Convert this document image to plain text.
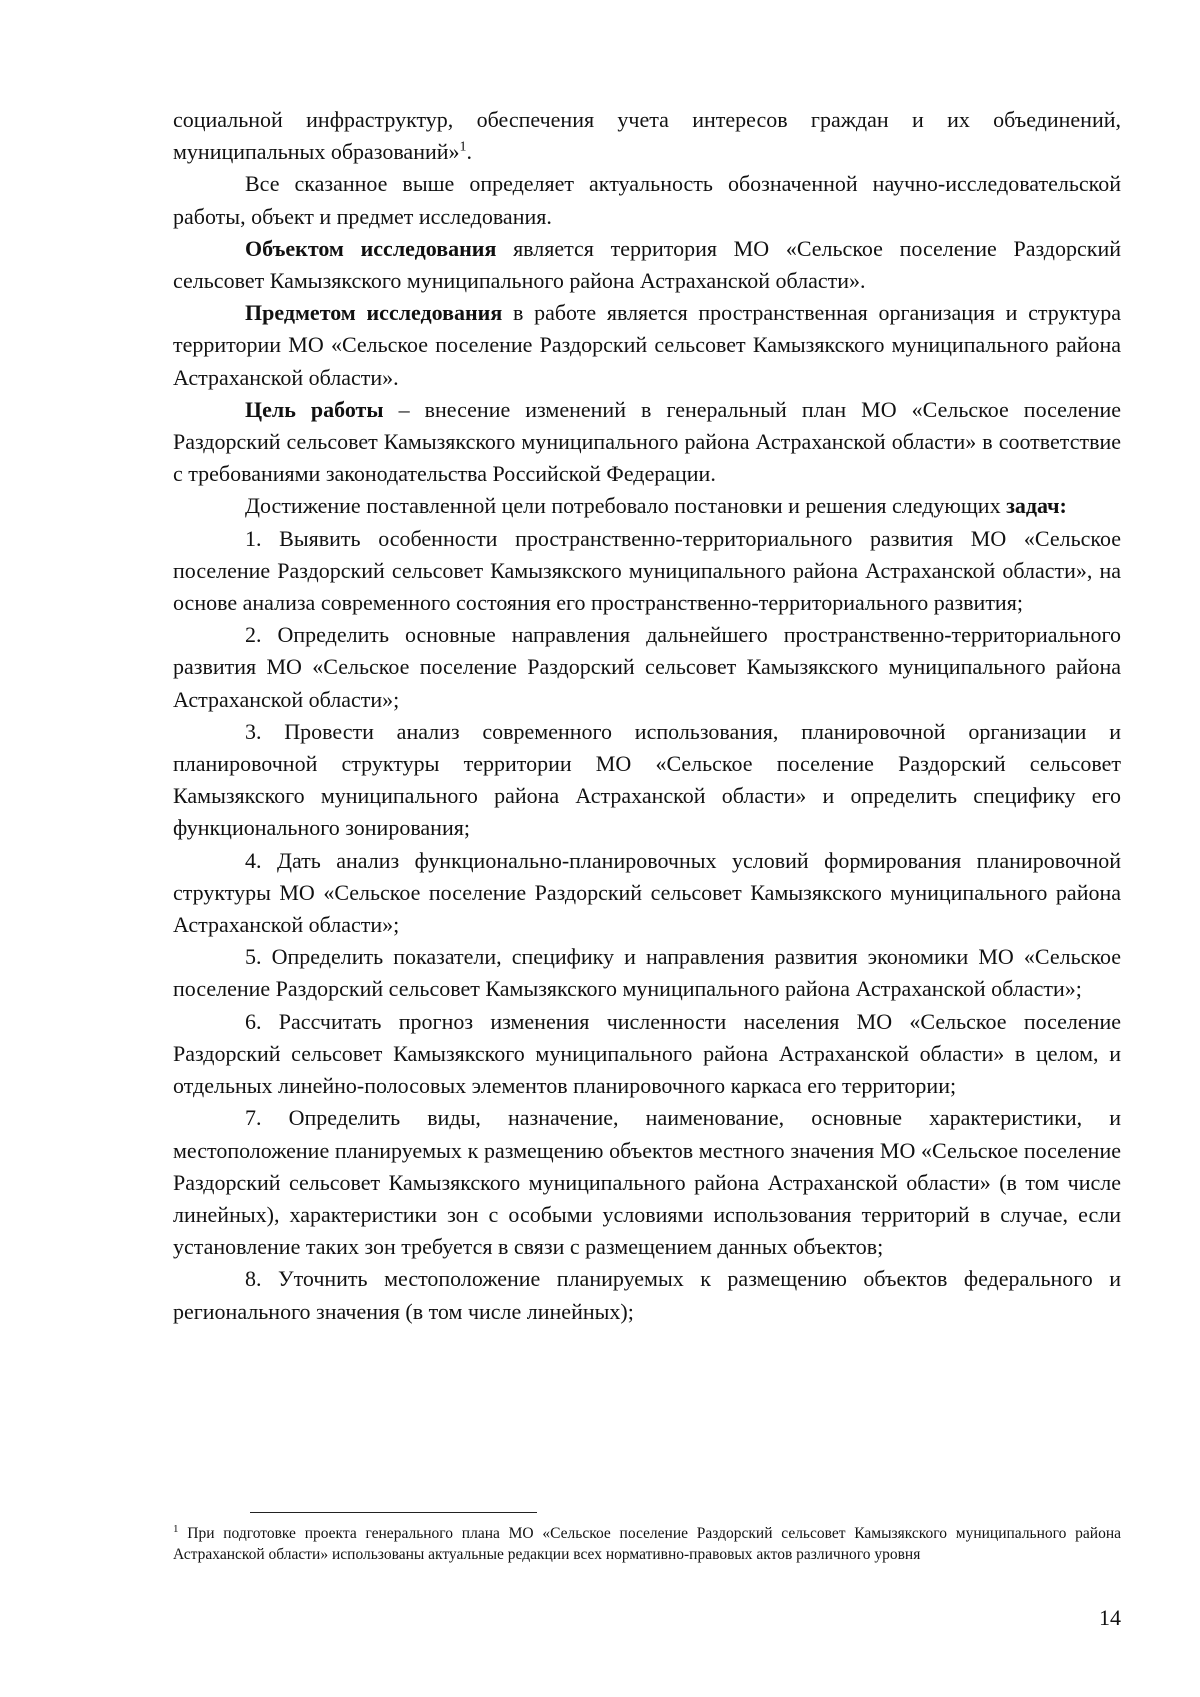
социальной инфраструктур, обеспечения учета интересов граждан и их объединений, муниципальных образований»$^1$.

Все сказанное выше определяет актуальность обозначенной научно-исследовательской работы, объект и предмет исследования.

Объектом исследования является территория МО «Сельское поселение Раздорский сельсовет Камызякского муниципального района Астраханской области».

Предметом исследования в работе является пространственная организация и структура территории МО «Сельское поселение Раздорский сельсовет Камызякского муниципального района Астраханской области».

Цель работы – внесение изменений в генеральный план МО «Сельское поселение Раздорский сельсовет Камызякского муниципального района Астраханской области» в соответствие с требованиями законодательства Российской Федерации.

Достижение поставленной цели потребовало постановки и решения следующих задач:

1. Выявить особенности пространственно-территориального развития МО «Сельское поселение Раздорский сельсовет Камызякского муниципального района Астраханской области», на основе анализа современного состояния его пространственно-территориального развития;

2. Определить основные направления дальнейшего пространственно-территориального развития МО «Сельское поселение Раздорский сельсовет Камызякского муниципального района Астраханской области»;

3. Провести анализ современного использования, планировочной организации и планировочной структуры территории МО «Сельское поселение Раздорский сельсовет Камызякского муниципального района Астраханской области» и определить специфику его функционального зонирования;

4. Дать анализ функционально-планировочных условий формирования планировочной структуры МО «Сельское поселение Раздорский сельсовет Камызякского муниципального района Астраханской области»;

5. Определить показатели, специфику и направления развития экономики МО «Сельское поселение Раздорский сельсовет Камызякского муниципального района Астраханской области»;

6. Рассчитать прогноз изменения численности населения МО «Сельское поселение Раздорский сельсовет Камызякского муниципального района Астраханской области» в целом, и отдельных линейно-полосовых элементов планировочного каркаса его территории;

7. Определить виды, назначение, наименование, основные характеристики, и местоположение планируемых к размещению объектов местного значения МО «Сельское поселение Раздорский сельсовет Камызякского муниципального района Астраханской области» (в том числе линейных), характеристики зон с особыми условиями использования территорий в случае, если установление таких зон требуется в связи с размещением данных объектов;

8. Уточнить местоположение планируемых к размещению объектов федерального и регионального значения (в том числе линейных);

$^1$ При подготовке проекта генерального плана МО «Сельское поселение Раздорский сельсовет Камызякского муниципального района Астраханской области» использованы актуальные редакции всех нормативно-правовых актов различного уровня

14
